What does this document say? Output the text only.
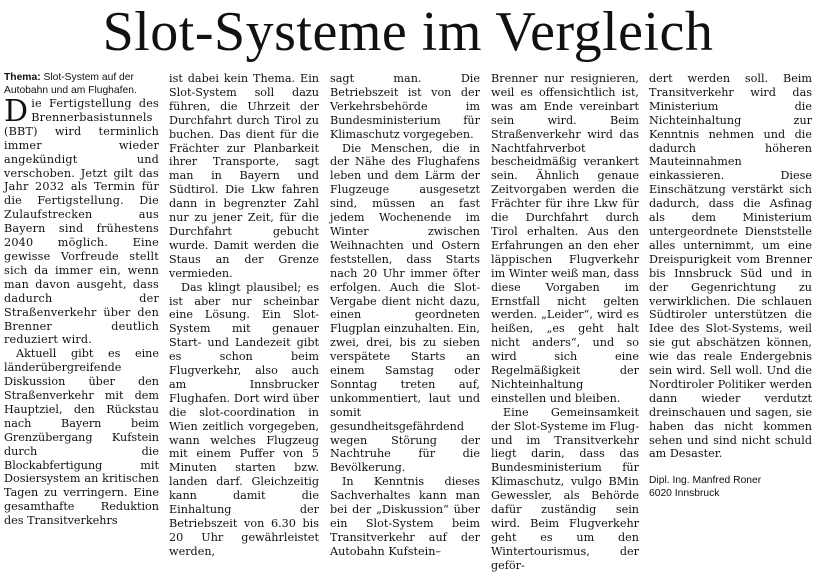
Slot-Systeme im Vergleich

Thema: Slot-System auf der Autobahn und am Flughafen.

Die Fertigstellung des Brennerbasistunnels (BBT) wird terminlich immer wieder angekündigt und verschoben. Jetzt gilt das Jahr 2032 als Termin für die Fertigstellung. Die Zulaufstrecken aus Bayern sind frühestens 2040 möglich. Eine gewisse Vorfreude stellt sich da immer ein, wenn man davon ausgeht, dass dadurch der Straßenverkehr über den Brenner deutlich reduziert wird.

Aktuell gibt es eine länderübergreifende Diskussion über den Straßenverkehr mit dem Hauptziel, den Rückstau nach Bayern beim Grenzübergang Kufstein durch die Blockabfertigung mit Dosiersystem an kritischen Tagen zu verringern. Eine gesamthafte Reduktion des Transitverkehrs

ist dabei kein Thema. Ein Slot-System soll dazu führen, die Uhrzeit der Durchfahrt durch Tirol zu buchen. Das dient für die Frächter zur Planbarkeit ihrer Transporte, sagt man in Bayern und Südtirol. Die Lkw fahren dann in begrenzter Zahl nur zu jener Zeit, für die Durchfahrt gebucht wurde. Damit werden die Staus an der Grenze vermieden.

Das klingt plausibel; es ist aber nur scheinbar eine Lösung. Ein Slot-System mit genauer Start- und Landezeit gibt es schon beim Flugverkehr, also auch am Innsbrucker Flughafen. Dort wird über die slot-coordination in Wien zeitlich vorgegeben, wann welches Flugzeug mit einem Puffer von 5 Minuten starten bzw. landen darf. Gleichzeitig kann damit die Einhaltung der Betriebszeit von 6.30 bis 20 Uhr gewährleistet werden,

sagt man. Die Betriebszeit ist von der Verkehrsbehörde im Bundesministerium für Klimaschutz vorgegeben.

Die Menschen, die in der Nähe des Flughafens leben und dem Lärm der Flugzeuge ausgesetzt sind, müssen an fast jedem Wochenende im Winter zwischen Weihnachten und Ostern feststellen, dass Starts nach 20 Uhr immer öfter erfolgen. Auch die Slot-Vergabe dient nicht dazu, einen geordneten Flugplan einzuhalten. Ein, zwei, drei, bis zu sieben verspätete Starts an einem Samstag oder Sonntag treten auf, unkommentiert, laut und somit gesundheitsgefährdend wegen Störung der Nachtruhe für die Bevölkerung.

In Kenntnis dieses Sachverhaltes kann man bei der „Diskussion“ über ein Slot-System beim Transitverkehr auf der Autobahn Kufstein–

Brenner nur resignieren, weil es offensichtlich ist, was am Ende vereinbart sein wird. Beim Straßenverkehr wird das Nachtfahrverbot bescheidmäßig verankert sein. Ähnlich genaue Zeitvorgaben werden die Frächter für ihre Lkw für die Durchfahrt durch Tirol erhalten. Aus den Erfahrungen an den eher läppischen Flugverkehr im Winter weiß man, dass diese Vorgaben im Ernstfall nicht gelten werden. „Leider“, wird es heißen, „es geht halt nicht anders“, und so wird sich eine Regelmäßigkeit der Nichteinhaltung einstellen und bleiben.

Eine Gemeinsamkeit der Slot-Systeme im Flug- und im Transitverkehr liegt darin, dass das Bundesministerium für Klimaschutz, vulgo BMin Gewessler, als Behörde dafür zuständig sein wird. Beim Flugverkehr geht es um den Wintertourismus, der geför-

dert werden soll. Beim Transitverkehr wird das Ministerium die Nichteinhaltung zur Kenntnis nehmen und die dadurch höheren Mauteinnahmen einkassieren. Diese Einschätzung verstärkt sich dadurch, dass die Asfinag als dem Ministerium untergeordnete Dienststelle alles unternimmt, um eine Dreispurigkeit vom Brenner bis Innsbruck Süd und in der Gegenrichtung zu verwirklichen. Die schlauen Südtiroler unterstützen die Idee des Slot-Systems, weil sie gut abschätzen können, wie das reale Endergebnis sein wird. Sell woll. Und die Nordtiroler Politiker werden dann wieder verdutzt dreinschauen und sagen, sie haben das nicht kommen sehen und sind nicht schuld am Desaster.

Dipl. Ing. Manfred Roner

6020 Innsbruck
